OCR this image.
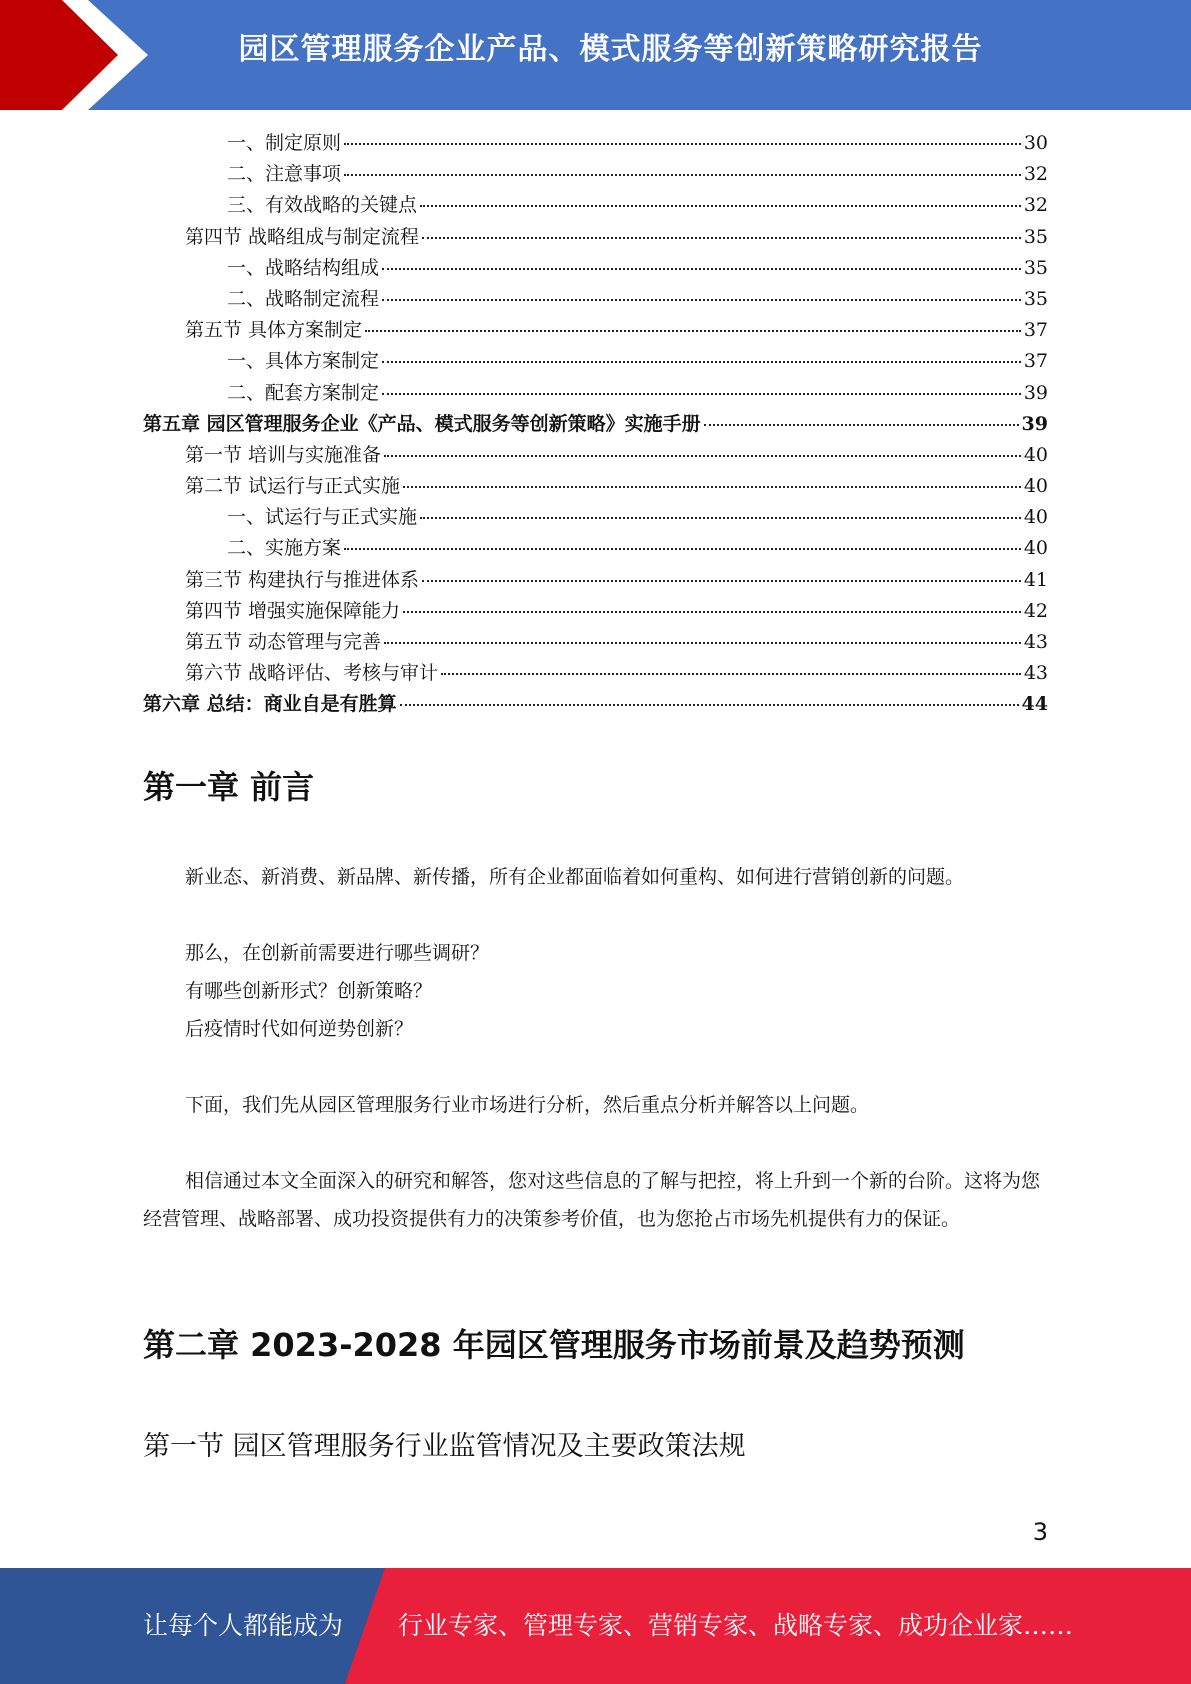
园区管理服务企业产品、模式服务等创新策略研究报告
一、制定原则	30
二、注意事项	32
三、有效战略的关键点	32
第四节 战略组成与制定流程	35
一、战略结构组成	35
二、战略制定流程	35
第五节 具体方案制定	37
一、具体方案制定	37
二、配套方案制定	39
第五章 园区管理服务企业《产品、模式服务等创新策略》实施手册	39
第一节 培训与实施准备	40
第二节 试运行与正式实施	40
一、试运行与正式实施	40
二、实施方案	40
第三节 构建执行与推进体系	41
第四节 增强实施保障能力	42
第五节 动态管理与完善	43
第六节 战略评估、考核与审计	43
第六章 总结：商业自是有胜算	44
第一章 前言

新业态、新消费、新品牌、新传播，所有企业都面临着如何重构、如何进行营销创新的问题。

那么，在创新前需要进行哪些调研？

有哪些创新形式？创新策略？

后疫情时代如何逆势创新？

下面，我们先从园区管理服务行业市场进行分析，然后重点分析并解答以上问题。

相信通过本文全面深入的研究和解答，您对这些信息的了解与把控，将上升到一个新的台阶。这将为您经营管理、战略部署、成功投资提供有力的决策参考价值，也为您抢占市场先机提供有力的保证。

第二章 2023-2028 年园区管理服务市场前景及趋势预测
第一节 园区管理服务行业监管情况及主要政策法规
3
让每个人都能成为 行业专家、管理专家、营销专家、战略专家、成功企业家……
